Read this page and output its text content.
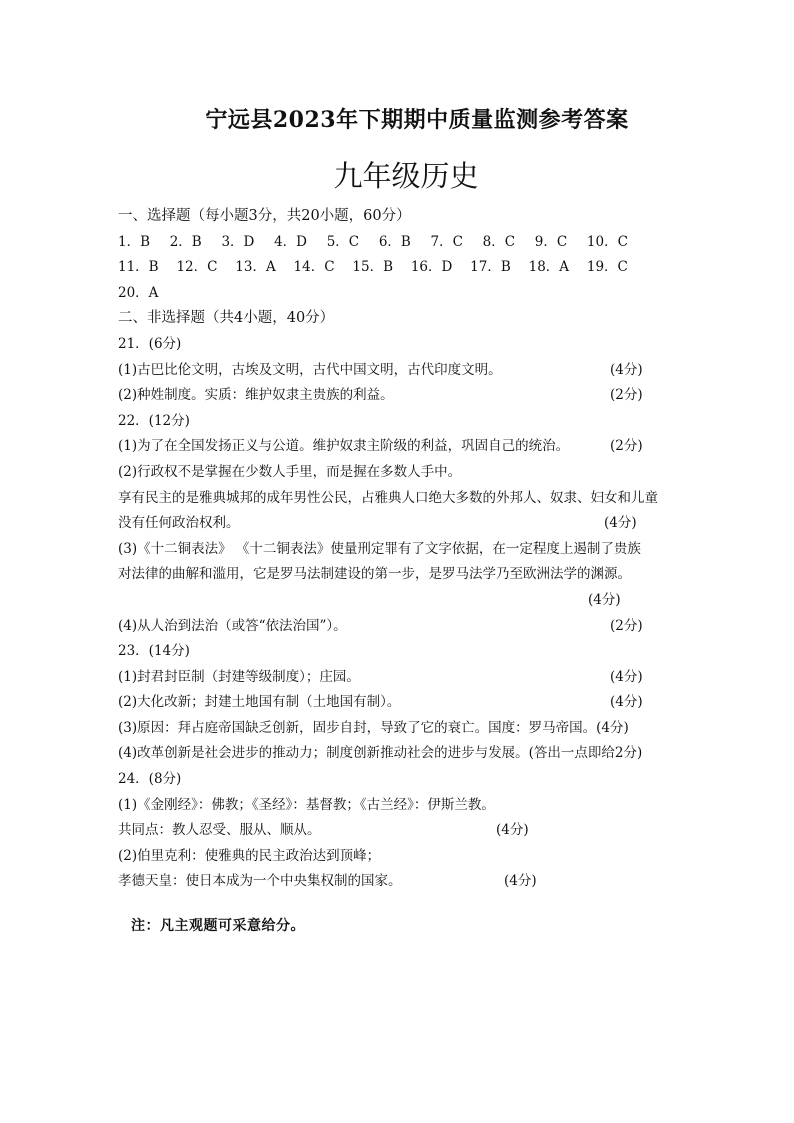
宁远县2023年下期期中质量监测参考答案
九年级历史
一、选择题（每小题3分，共20小题，60分）
1．B 2．B 3．D 4．D 5．C 6．B 7．C 8．C 9．C 10．C
11．B 12．C 13．A 14．C 15．B 16．D 17．B 18．A 19．C
20．A
二、非选择题（共4小题，40分）
21．(6分)
(1)古巴比伦文明，古埃及文明，古代中国文明，古代印度文明。	(4分)
(2)种姓制度。实质：维护奴隶主贵族的利益。	(2分)
22．(12分)
(1)为了在全国发扬正义与公道。维护奴隶主阶级的利益，巩固自己的统治。	(2分)
(2)行政权不是掌握在少数人手里，而是握在多数人手中。
享有民主的是雅典城邦的成年男性公民，占雅典人口绝大多数的外邦人、奴隶、妇女和儿童
没有任何政治权利。	(4分)
(3)《十二铜表法》 《十二铜表法》使量刑定罪有了文字依据，在一定程度上遏制了贵族
对法律的曲解和滥用，它是罗马法制建设的第一步，是罗马法学乃至欧洲法学的渊源。
(4分)
(4)从人治到法治（或答“依法治国”）。	(2分)
23．(14分)
(1)封君封臣制（封建等级制度）；庄园。	(4分)
(2)大化改新；封建土地国有制（土地国有制）。	(4分)
(3)原因：拜占庭帝国缺乏创新，固步自封，导致了它的衰亡。国度：罗马帝国。(4分)
(4)改革创新是社会进步的推动力；制度创新推动社会的进步与发展。(答出一点即给2分)
24．(8分)
(1)《金刚经》：佛教；《圣经》：基督教；《古兰经》：伊斯兰教。
共同点：教人忍受、服从、顺从。	(4分)
(2)伯里克利：使雅典的民主政治达到顶峰；
孝德天皇：使日本成为一个中央集权制的国家。	(4分)
注：凡主观题可采意给分。
